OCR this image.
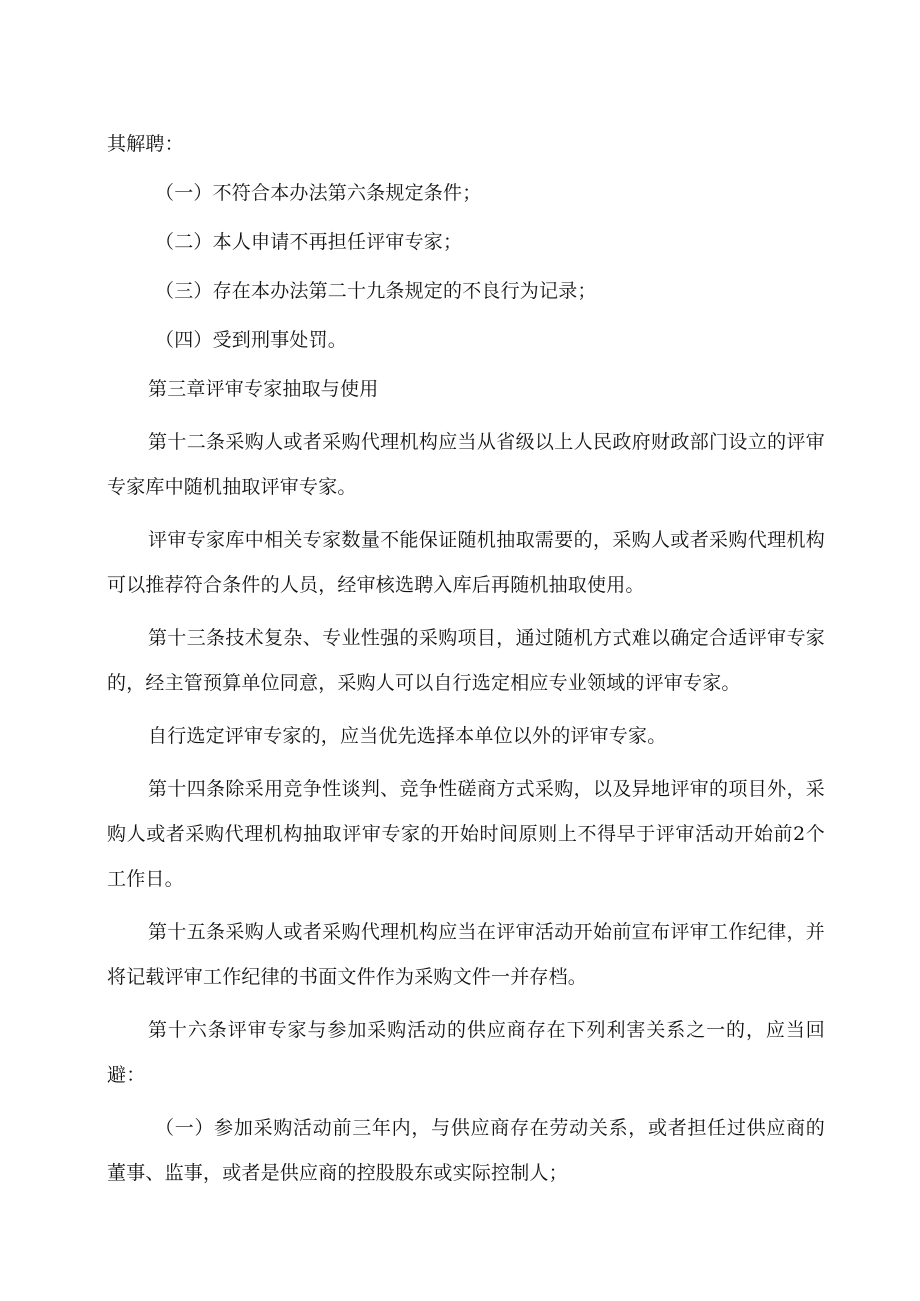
其解聘：

（一）不符合本办法第六条规定条件；

（二）本人申请不再担任评审专家；

（三）存在本办法第二十九条规定的不良行为记录；

（四）受到刑事处罚。

第三章评审专家抽取与使用

第十二条采购人或者采购代理机构应当从省级以上人民政府财政部门设立的评审专家库中随机抽取评审专家。

评审专家库中相关专家数量不能保证随机抽取需要的，采购人或者采购代理机构可以推荐符合条件的人员，经审核选聘入库后再随机抽取使用。

第十三条技术复杂、专业性强的采购项目，通过随机方式难以确定合适评审专家的，经主管预算单位同意，采购人可以自行选定相应专业领域的评审专家。

自行选定评审专家的，应当优先选择本单位以外的评审专家。

第十四条除采用竞争性谈判、竞争性磋商方式采购，以及异地评审的项目外，采购人或者采购代理机构抽取评审专家的开始时间原则上不得早于评审活动开始前2个工作日。

第十五条采购人或者采购代理机构应当在评审活动开始前宣布评审工作纪律，并将记载评审工作纪律的书面文件作为采购文件一并存档。

第十六条评审专家与参加采购活动的供应商存在下列利害关系之一的，应当回避：

（一）参加采购活动前三年内，与供应商存在劳动关系，或者担任过供应商的董事、监事，或者是供应商的控股股东或实际控制人；
